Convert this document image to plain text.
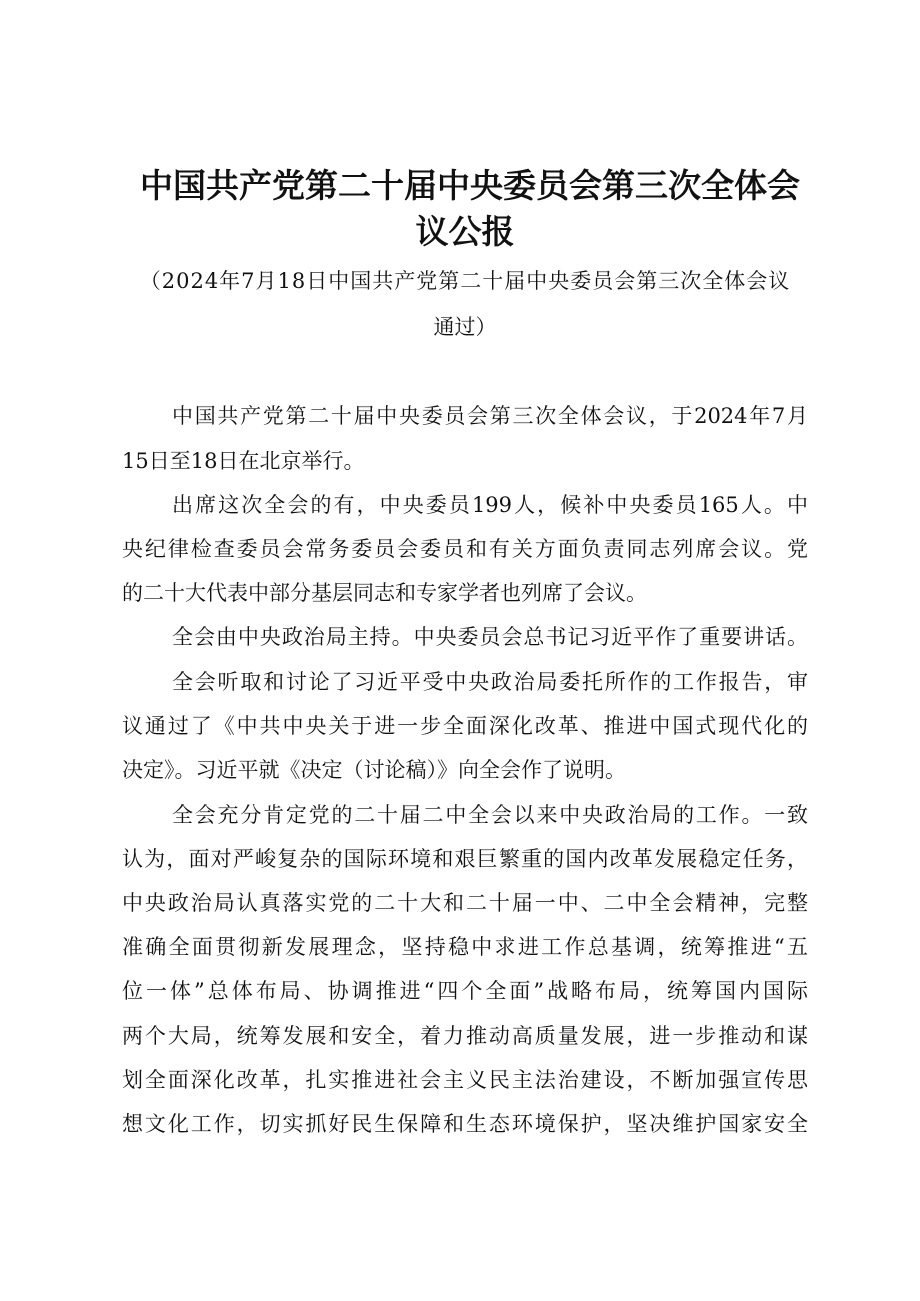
中国共产党第二十届中央委员会第三次全体会
议公报

（2024年7月18日中国共产党第二十届中央委员会第三次全体会议

通过）

中国共产党第二十届中央委员会第三次全体会议，于2024年7月

15日至18日在北京举行。

出席这次全会的有，中央委员199人，候补中央委员165人。中

央纪律检查委员会常务委员会委员和有关方面负责同志列席会议。党

的二十大代表中部分基层同志和专家学者也列席了会议。

全会由中央政治局主持。中央委员会总书记习近平作了重要讲话。

全会听取和讨论了习近平受中央政治局委托所作的工作报告，审

议通过了《中共中央关于进一步全面深化改革、推进中国式现代化的

决定》。习近平就《决定（讨论稿）》向全会作了说明。

全会充分肯定党的二十届二中全会以来中央政治局的工作。一致

认为，面对严峻复杂的国际环境和艰巨繁重的国内改革发展稳定任务，

中央政治局认真落实党的二十大和二十届一中、二中全会精神，完整

准确全面贯彻新发展理念，坚持稳中求进工作总基调，统筹推进“五

位一体”总体布局、协调推进“四个全面”战略布局，统筹国内国际

两个大局，统筹发展和安全，着力推动高质量发展，进一步推动和谋

划全面深化改革，扎实推进社会主义民主法治建设，不断加强宣传思

想文化工作，切实抓好民生保障和生态环境保护，坚决维护国家安全
